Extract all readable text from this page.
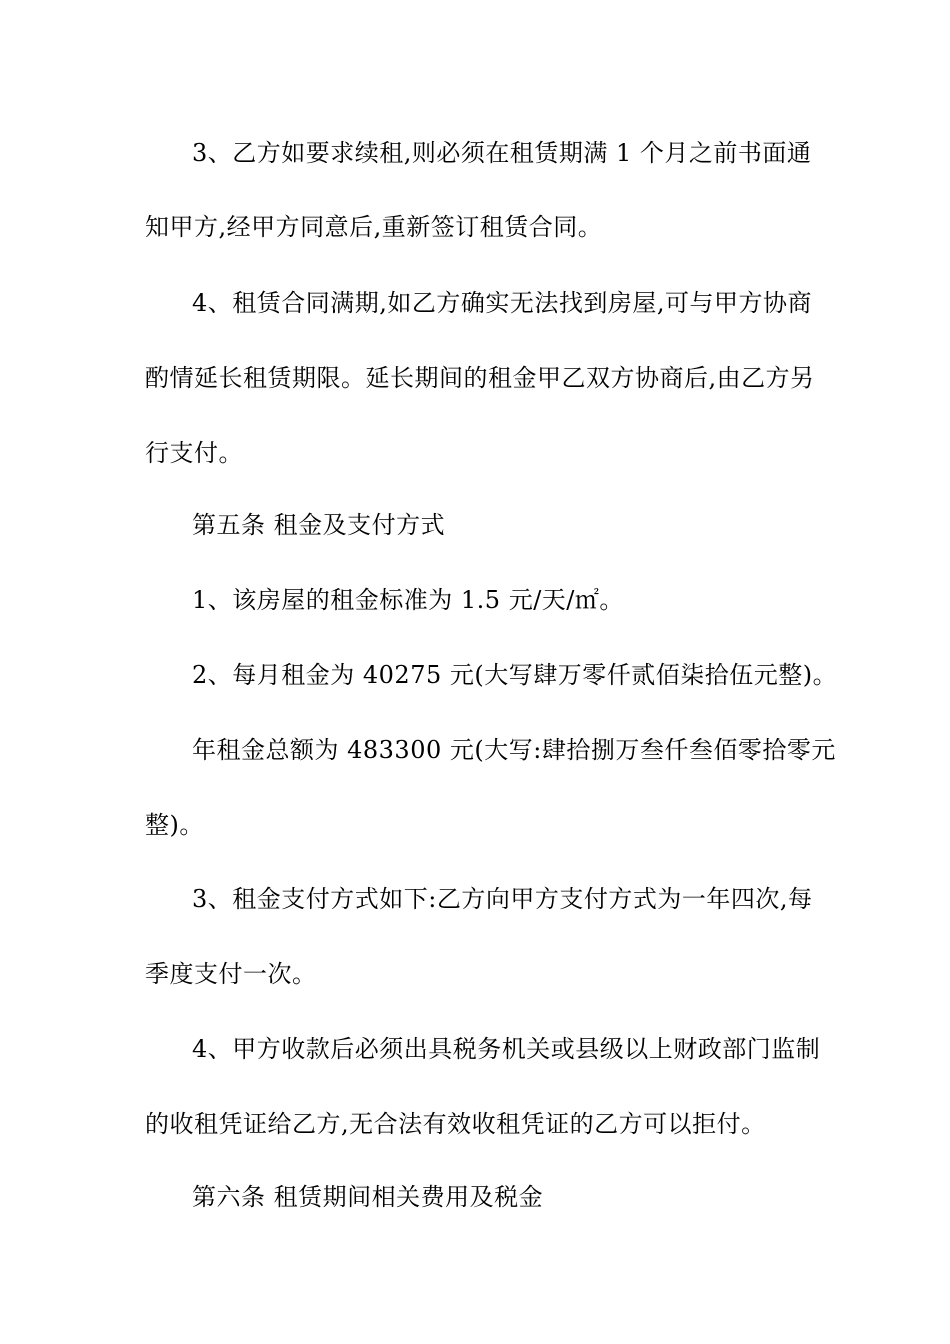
3、乙方如要求续租,则必须在租赁期满 1 个月之前书面通
知甲方,经甲方同意后,重新签订租赁合同。
4、租赁合同满期,如乙方确实无法找到房屋,可与甲方协商
酌情延长租赁期限。延长期间的租金甲乙双方协商后,由乙方另
行支付。
第五条 租金及支付方式
1、该房屋的租金标准为 1.5 元/天/㎡。
2、每月租金为 40275 元(大写肆万零仟贰佰柒拾伍元整)。
年租金总额为 483300 元(大写:肆拾捌万叁仟叁佰零拾零元
整)。
3、租金支付方式如下:乙方向甲方支付方式为一年四次,每
季度支付一次。
4、甲方收款后必须出具税务机关或县级以上财政部门监制
的收租凭证给乙方,无合法有效收租凭证的乙方可以拒付。
第六条 租赁期间相关费用及税金
